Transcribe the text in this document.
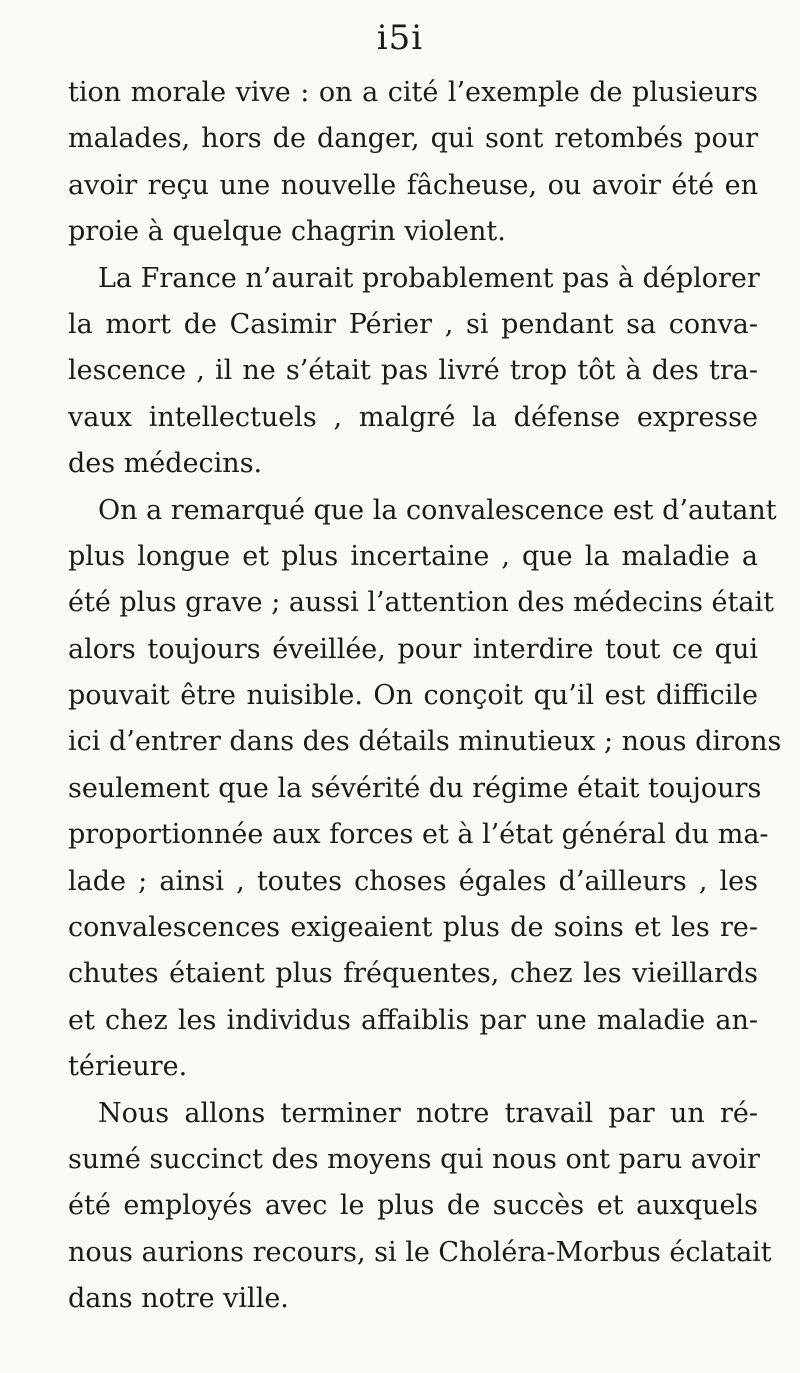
i5i
tion morale vive : on a cité l’exemple de plusieurs
malades, hors de danger, qui sont retombés pour
avoir reçu une nouvelle fâcheuse, ou avoir été en
proie à quelque chagrin violent.
La France n’aurait probablement pas à déplorer
la mort de Casimir Périer , si pendant sa conva-
lescence , il ne s’était pas livré trop tôt à des tra-
vaux intellectuels , malgré la défense expresse
des médecins.
On a remarqué que la convalescence est d’autant
plus longue et plus incertaine , que la maladie a
été plus grave ; aussi l’attention des médecins était
alors toujours éveillée, pour interdire tout ce qui
pouvait être nuisible. On conçoit qu’il est difficile
ici d’entrer dans des détails minutieux ; nous dirons
seulement que la sévérité du régime était toujours
proportionnée aux forces et à l’état général du ma-
lade ; ainsi , toutes choses égales d’ailleurs , les
convalescences exigeaient plus de soins et les re-
chutes étaient plus fréquentes, chez les vieillards
et chez les individus affaiblis par une maladie an-
térieure.
Nous allons terminer notre travail par un ré-
sumé succinct des moyens qui nous ont paru avoir
été employés avec le plus de succès et auxquels
nous aurions recours, si le Choléra-Morbus éclatait
dans notre ville.
